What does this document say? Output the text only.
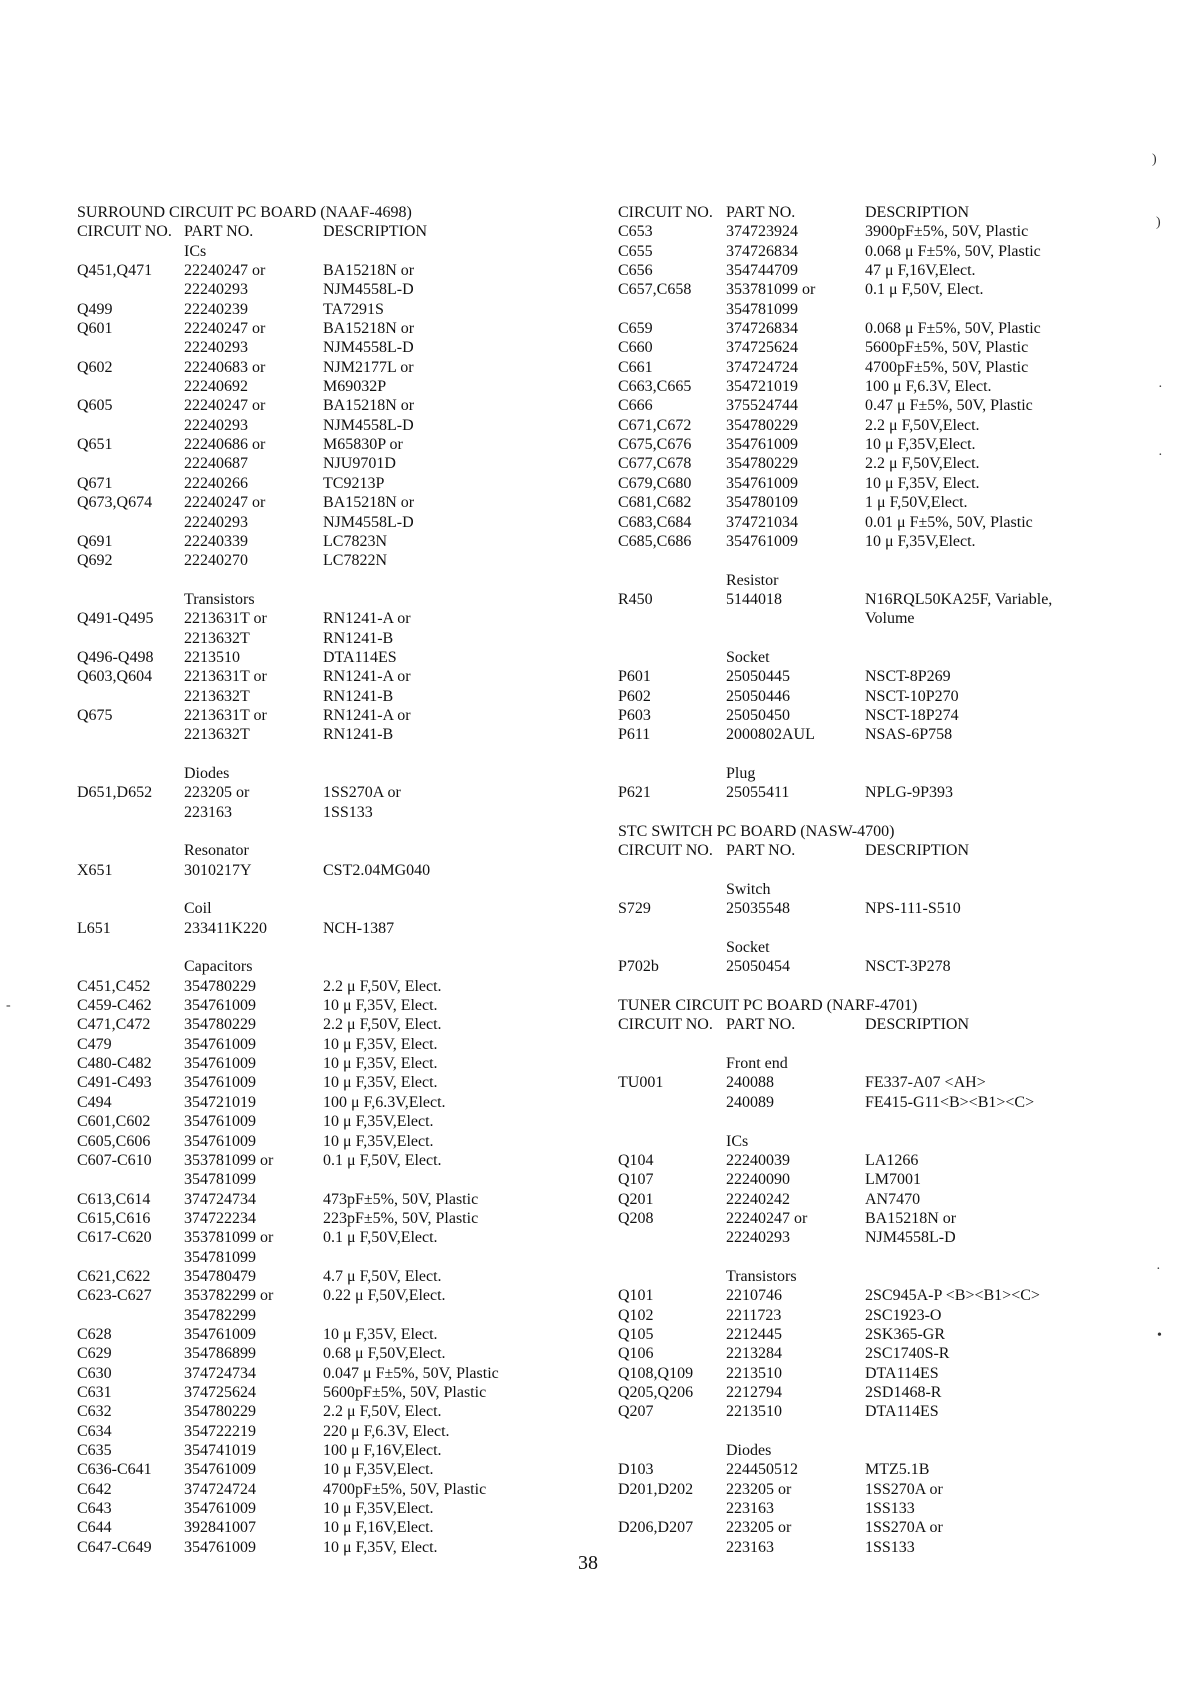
SURROUND CIRCUIT PC BOARD (NAAF-4698)
CIRCUIT NO. PART NO.	DESCRIPTION
ICs
Q451,Q471 22240247 or	BA15218N or
22240293	NJM4558L-D
Q499	22240239	TA7291S
Q601	22240247 or	BA15218N or
22240293	NJM4558L-D
Q602	22240683 or	NJM2177L or
22240692	M69032P
Q605	22240247 or	BA15218N or
22240293	NJM4558L-D
Q651	22240686 or	M65830P or
22240687	NJU9701D
Q671	22240266	TC9213P
Q673,Q674 22240247 or	BA15218N or
22240293	NJM4558L-D
Q691	22240339	LC7823N
Q692	22240270	LC7822N
Transistors
Q491-Q495 2213631T or	RN1241-A or
2213632T	RN1241-B
Q496-Q498 2213510	DTA114ES
Q603,Q604 2213631T or	RN1241-A or
2213632T	RN1241-B
Q675	2213631T or	RN1241-A or
2213632T	RN1241-B
Diodes
D651,D652 223205 or	1SS270A or
223163	1SS133
Resonator
X651	3010217Y	CST2.04MG040
Coil
L651	233411K220	NCH-1387
Capacitors
C451,C452 354780229	2.2 μ F,50V, Elect.
C459-C462 354761009	10 μ F,35V, Elect.
C471,C472 354780229	2.2 μ F,50V, Elect.
C479	354761009	10 μ F,35V, Elect.
C480-C482 354761009	10 μ F,35V, Elect.
C491-C493 354761009	10 μ F,35V, Elect.
C494	354721019	100 μ F,6.3V,Elect.
C601,C602 354761009	10 μ F,35V,Elect.
C605,C606 354761009	10 μ F,35V,Elect.
C607-C610 353781099 or	0.1 μ F,50V, Elect.
354781099
C613,C614 374724734	473pF±5%, 50V, Plastic
C615,C616 374722234	223pF±5%, 50V, Plastic
C617-C620 353781099 or	0.1 μ F,50V,Elect.
354781099
C621,C622 354780479	4.7 μ F,50V, Elect.
C623-C627 353782299 or	0.22 μ F,50V,Elect.
354782299
C628	354761009	10 μ F,35V, Elect.
C629	354786899	0.68 μ F,50V,Elect.
C630	374724734	0.047 μ F±5%, 50V, Plastic
C631	374725624	5600pF±5%, 50V, Plastic
C632	354780229	2.2 μ F,50V, Elect.
C634	354722219	220 μ F,6.3V, Elect.
C635	354741019	100 μ F,16V,Elect.
C636-C641 354761009	10 μ F,35V,Elect.
C642	374724724	4700pF±5%, 50V, Plastic
C643	354761009	10 μ F,35V,Elect.
C644	392841007	10 μ F,16V,Elect.
C647-C649 354761009	10 μ F,35V, Elect.
CIRCUIT NO. PART NO.	DESCRIPTION
C653	374723924	3900pF±5%, 50V, Plastic
C655	374726834	0.068 μ F±5%, 50V, Plastic
C656	354744709	47 μ F,16V,Elect.
C657,C658 353781099 or	0.1 μ F,50V, Elect.
354781099
C659	374726834	0.068 μ F±5%, 50V, Plastic
C660	374725624	5600pF±5%, 50V, Plastic
C661	374724724	4700pF±5%, 50V, Plastic
C663,C665 354721019	100 μ F,6.3V, Elect.
C666	375524744	0.47 μ F±5%, 50V, Plastic
C671,C672 354780229	2.2 μ F,50V,Elect.
C675,C676 354761009	10 μ F,35V,Elect.
C677,C678 354780229	2.2 μ F,50V,Elect.
C679,C680 354761009	10 μ F,35V, Elect.
C681,C682 354780109	1 μ F,50V,Elect.
C683,C684 374721034	0.01 μ F±5%, 50V, Plastic
C685,C686 354761009	10 μ F,35V,Elect.
Resistor
R450	5144018	N16RQL50KA25F, Variable,
Volume
Socket
P601	25050445	NSCT-8P269
P602	25050446	NSCT-10P270
P603	25050450	NSCT-18P274
P611	2000802AUL	NSAS-6P758
Plug
P621	25055411	NPLG-9P393
STC SWITCH PC BOARD (NASW-4700)
CIRCUIT NO. PART NO.	DESCRIPTION
Switch
S729	25035548	NPS-111-S510
Socket
P702b	25050454	NSCT-3P278
TUNER CIRCUIT PC BOARD (NARF-4701)
CIRCUIT NO. PART NO.	DESCRIPTION
Front end
TU001	240088	FE337-A07 <AH>
240089	FE415-G11<B><B1><C>
ICs
Q104	22240039	LA1266
Q107	22240090	LM7001
Q201	22240242	AN7470
Q208	22240247 or	BA15218N or
22240293	NJM4558L-D
Transistors
Q101	2210746	2SC945A-P <B><B1><C>
Q102	2211723	2SC1923-O
Q105	2212445	2SK365-GR
Q106	2213284	2SC1740S-R
Q108,Q109 2213510	DTA114ES
Q205,Q206 2212794	2SD1468-R
Q207	2213510	DTA114ES
Diodes
D103	224450512	MTZ5.1B
D201,D202 223205 or	1SS270A or
223163	1SS133
D206,D207 223205 or	1SS270A or
223163	1SS133
38
)
)
·
·
·
•
-
